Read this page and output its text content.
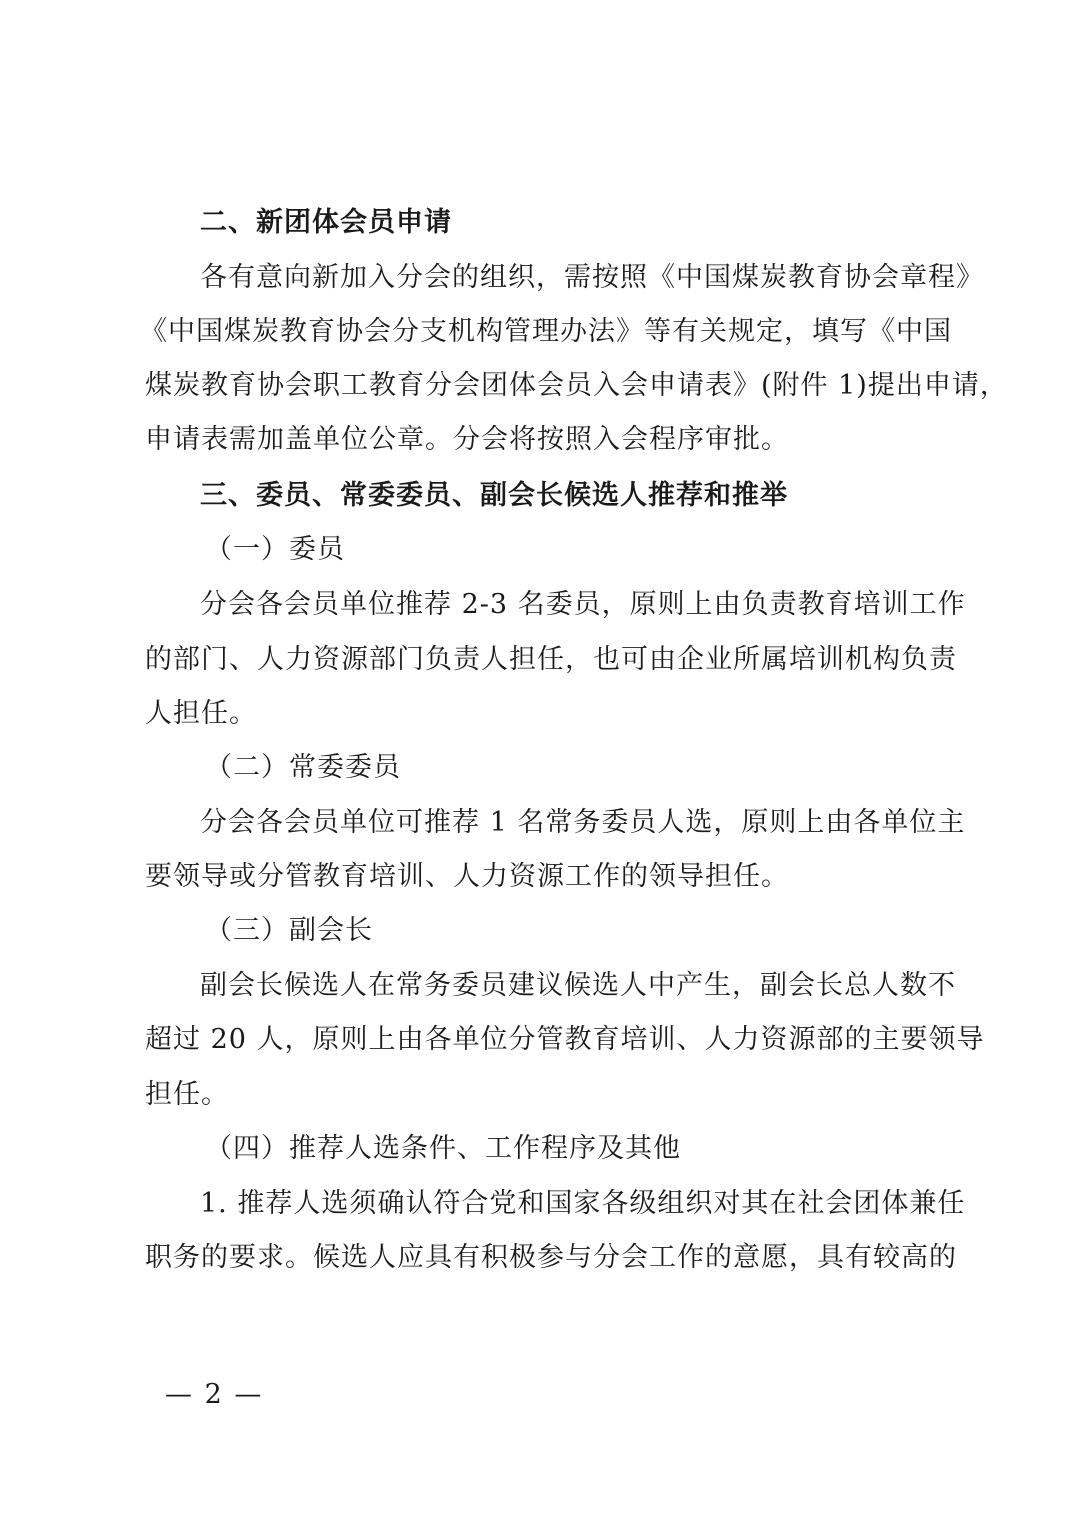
二、新团体会员申请
各有意向新加入分会的组织，需按照《中国煤炭教育协会章程》
《中国煤炭教育协会分支机构管理办法》等有关规定，填写《中国
煤炭教育协会职工教育分会团体会员入会申请表》(附件 1)提出申请，
申请表需加盖单位公章。分会将按照入会程序审批。
三、委员、常委委员、副会长候选人推荐和推举
（一）委员
分会各会员单位推荐 2-3 名委员，原则上由负责教育培训工作
的部门、人力资源部门负责人担任，也可由企业所属培训机构负责
人担任。
（二）常委委员
分会各会员单位可推荐 1 名常务委员人选，原则上由各单位主
要领导或分管教育培训、人力资源工作的领导担任。
（三）副会长
副会长候选人在常务委员建议候选人中产生，副会长总人数不
超过 20 人，原则上由各单位分管教育培训、人力资源部的主要领导
担任。
（四）推荐人选条件、工作程序及其他
1. 推荐人选须确认符合党和国家各级组织对其在社会团体兼任
职务的要求。候选人应具有积极参与分会工作的意愿，具有较高的
— 2 —
